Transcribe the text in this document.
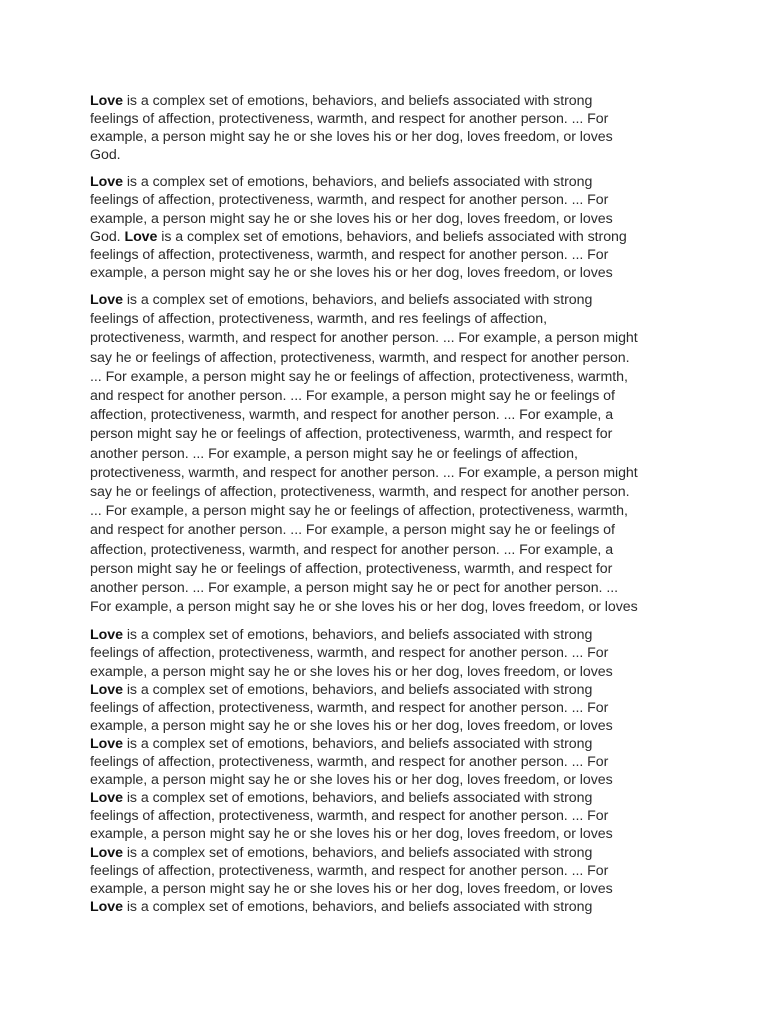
Love is a complex set of emotions, behaviors, and beliefs associated with strong
feelings of affection, protectiveness, warmth, and respect for another person. ... For
example, a person might say he or she loves his or her dog, loves freedom, or loves
God.

Love is a complex set of emotions, behaviors, and beliefs associated with strong
feelings of affection, protectiveness, warmth, and respect for another person. ... For
example, a person might say he or she loves his or her dog, loves freedom, or loves
God. Love is a complex set of emotions, behaviors, and beliefs associated with strong
feelings of affection, protectiveness, warmth, and respect for another person. ... For
example, a person might say he or she loves his or her dog, loves freedom, or loves

Love is a complex set of emotions, behaviors, and beliefs associated with strong
feelings of affection, protectiveness, warmth, and res feelings of affection,
protectiveness, warmth, and respect for another person. ... For example, a person might
say he or feelings of affection, protectiveness, warmth, and respect for another person.
... For example, a person might say he or feelings of affection, protectiveness, warmth,
and respect for another person. ... For example, a person might say he or feelings of
affection, protectiveness, warmth, and respect for another person. ... For example, a
person might say he or feelings of affection, protectiveness, warmth, and respect for
another person. ... For example, a person might say he or feelings of affection,
protectiveness, warmth, and respect for another person. ... For example, a person might
say he or feelings of affection, protectiveness, warmth, and respect for another person.
... For example, a person might say he or feelings of affection, protectiveness, warmth,
and respect for another person. ... For example, a person might say he or feelings of
affection, protectiveness, warmth, and respect for another person. ... For example, a
person might say he or feelings of affection, protectiveness, warmth, and respect for
another person. ... For example, a person might say he or pect for another person. ...
For example, a person might say he or she loves his or her dog, loves freedom, or loves

Love is a complex set of emotions, behaviors, and beliefs associated with strong
feelings of affection, protectiveness, warmth, and respect for another person. ... For
example, a person might say he or she loves his or her dog, loves freedom, or loves
Love is a complex set of emotions, behaviors, and beliefs associated with strong
feelings of affection, protectiveness, warmth, and respect for another person. ... For
example, a person might say he or she loves his or her dog, loves freedom, or loves
Love is a complex set of emotions, behaviors, and beliefs associated with strong
feelings of affection, protectiveness, warmth, and respect for another person. ... For
example, a person might say he or she loves his or her dog, loves freedom, or loves
Love is a complex set of emotions, behaviors, and beliefs associated with strong
feelings of affection, protectiveness, warmth, and respect for another person. ... For
example, a person might say he or she loves his or her dog, loves freedom, or loves
Love is a complex set of emotions, behaviors, and beliefs associated with strong
feelings of affection, protectiveness, warmth, and respect for another person. ... For
example, a person might say he or she loves his or her dog, loves freedom, or loves
Love is a complex set of emotions, behaviors, and beliefs associated with strong
